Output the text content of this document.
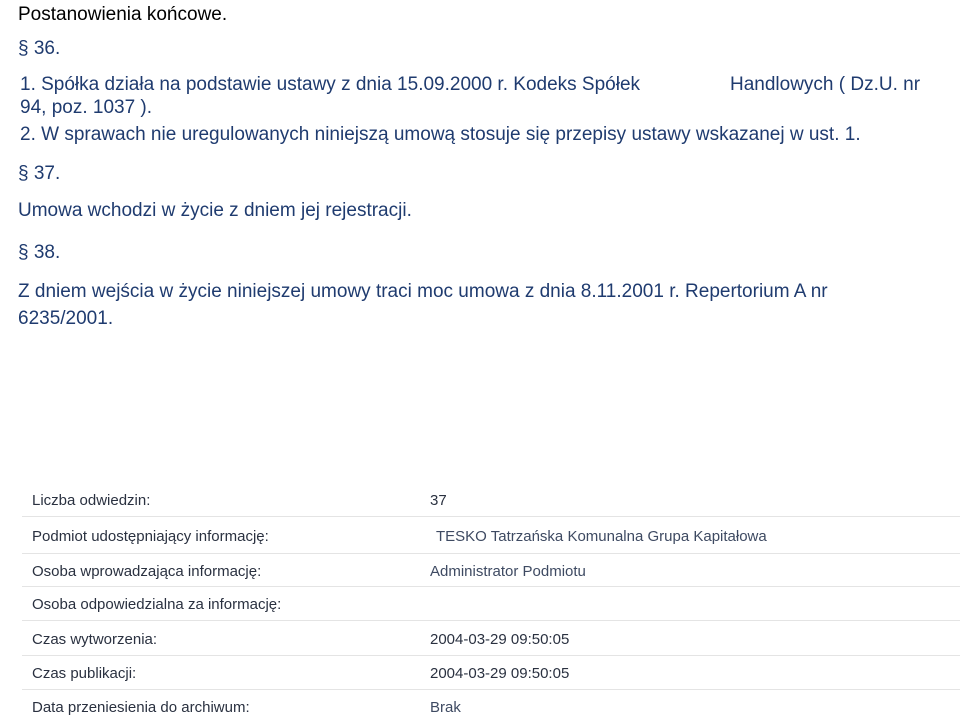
Postanowienia końcowe.
§ 36.
1. Spółka działa na podstawie ustawy z dnia 15.09.2000 r. Kodeks Spółek	Handlowych ( Dz.U. nr
94, poz. 1037 ).
2. W sprawach nie uregulowanych niniejszą umową stosuje się przepisy ustawy wskazanej w ust. 1.
§ 37.
Umowa wchodzi w życie z dniem jej rejestracji.
§ 38.
Z dniem wejścia w życie niniejszej umowy traci moc umowa z dnia 8.11.2001 r. Repertorium A nr
6235/2001.
Liczba odwiedzin:	37
Podmiot udostępniający informację:	TESKO Tatrzańska Komunalna Grupa Kapitałowa
Osoba wprowadzająca informację:	Administrator Podmiotu
Osoba odpowiedzialna za informację:
Czas wytworzenia:	2004-03-29 09:50:05
Czas publikacji:	2004-03-29 09:50:05
Data przeniesienia do archiwum:	Brak
